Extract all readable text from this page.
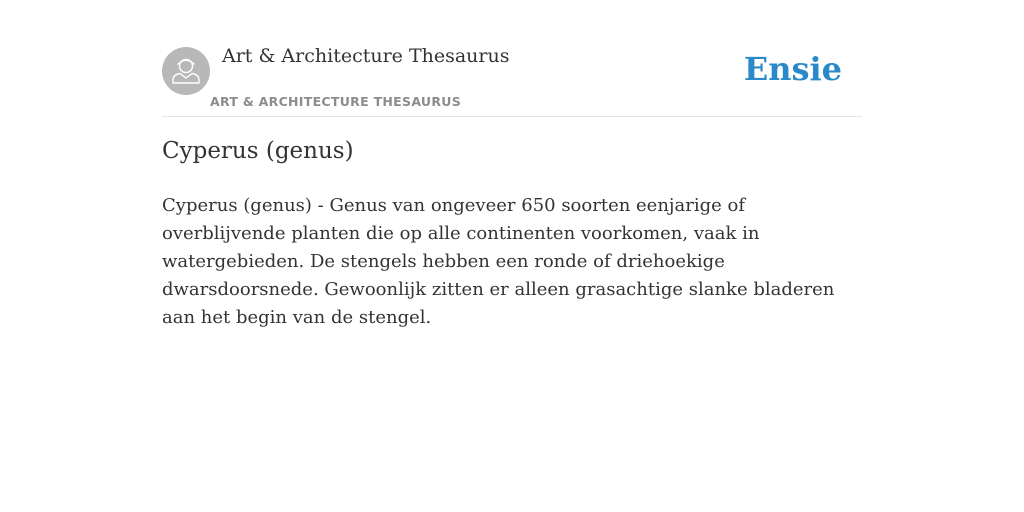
Art & Architecture Thesaurus
ART & ARCHITECTURE THESAURUS
Ensie
Cyperus (genus)

Cyperus (genus) - Genus van ongeveer 650 soorten eenjarige of overblijvende planten die op alle continenten voorkomen, vaak in watergebieden. De stengels hebben een ronde of driehoekige dwarsdoorsnede. Gewoonlijk zitten er alleen grasachtige slanke bladeren aan het begin van de stengel.
